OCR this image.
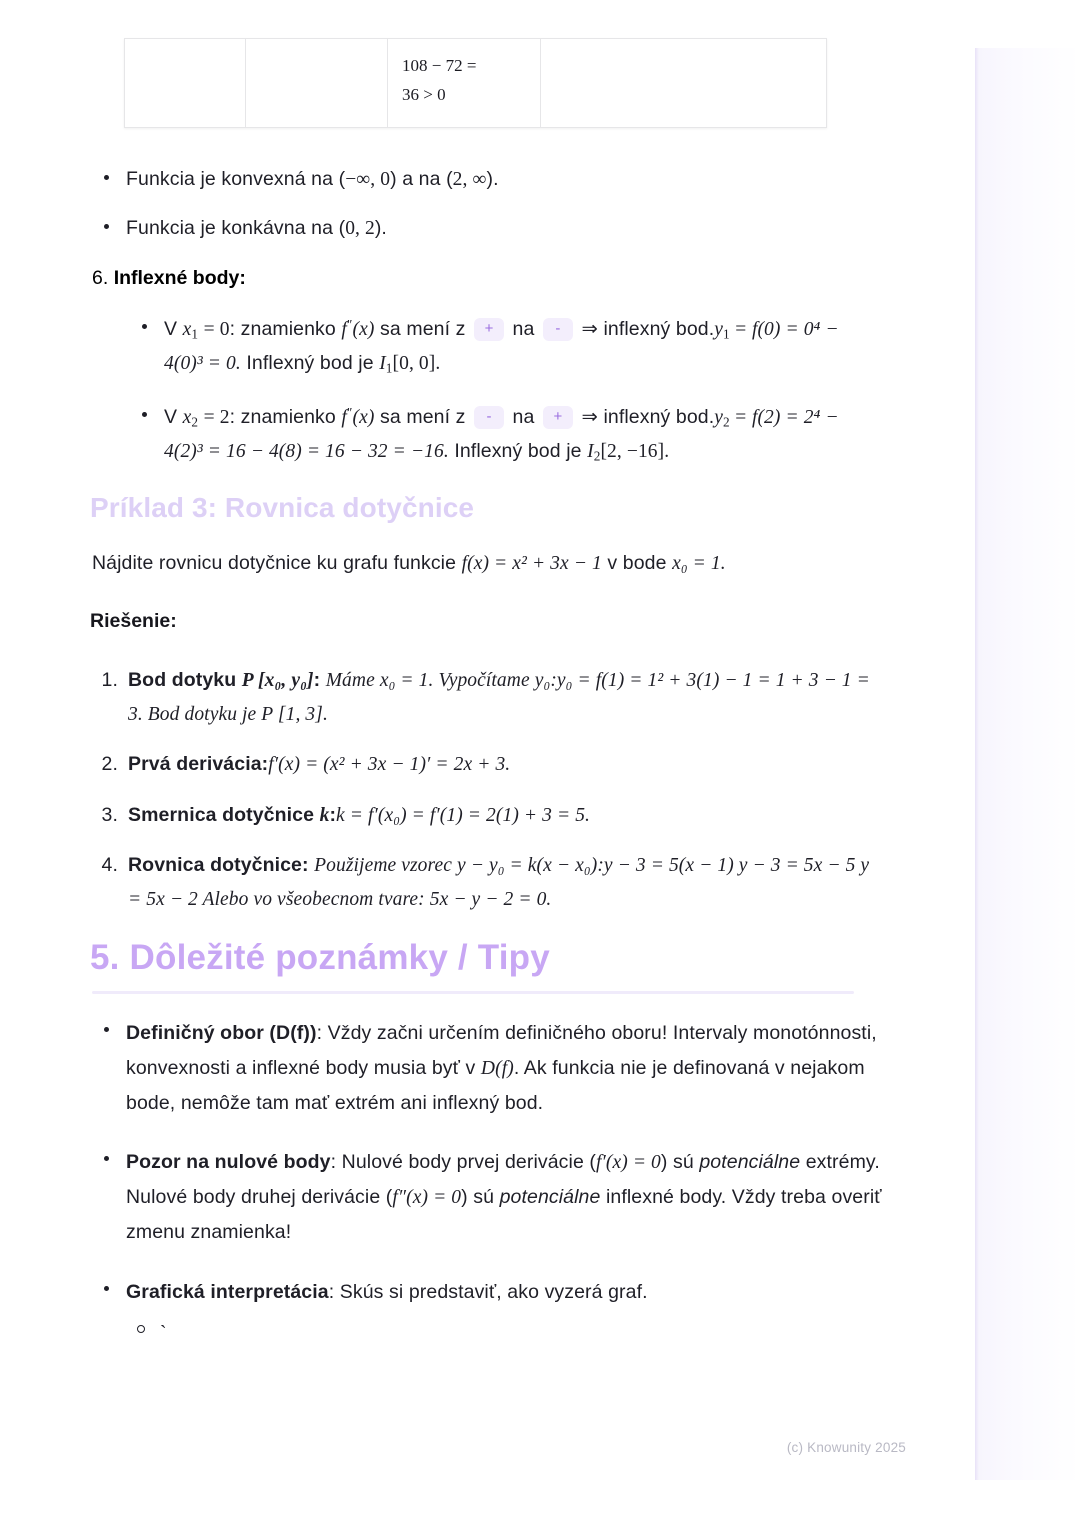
108 − 72 =
36 > 0

Funkcia je konvexná na (−∞, 0) a na (2, ∞).
Funkcia je konkávna na (0, 2).
6. Inflexné body:
V $x_1 = 0$: znamienko f″(x) sa mení z + na - ⇒ inflexný $bod.y_1 = f(0) = 0^4 - 4(0)^3 = 0$. Inflexný bod je $I_1[0$, 0].
V $x_2 = 2$: znamienko f″(x) sa mení z - na + ⇒ inflexný $bod.y_2 = f(2) = 2^4 - 4(2)^3 = 16 - 4(8) = 16 - 32 = -16$. Inflexný bod je $I_2[2$, −16].
Príklad 3: Rovnica dotyčnice
Nájdite rovnicu dotyčnice ku grafu funkcie f(x) = x² + 3x − 1 v bode x₀ = 1.
Riešenie:
1. Bod dotyku P [x₀, y₀]: Máme x₀ = 1. Vypočítame y₀:y₀ = f(1) = 1² + 3(1) − 1 = 1 + 3 − 1 = 3. Bod dotyku je P [1, 3].
2. Prvá derivácia:f′(x) = (x² + 3x − 1)′ = 2x + 3.
3. Smernica dotyčnice k:k = f′(x₀) = f′(1) = 2(1) + 3 = 5.
4. Rovnica dotyčnice: Použijeme vzorec y − y₀ = k(x − x₀):y − 3 = 5(x − 1) y − 3 = 5x − 5 y = 5x − 2 Alebo vo všeobecnom tvare: 5x − y − 2 = 0.
5. Dôležité poznámky / Tipy
Definičný obor (D(f)): Vždy začni určením definičného oboru! Intervaly monotónnosti, konvexnosti a inflexné body musia byť v D(f). Ak funkcia nie je definovaná v nejakom bode, nemôže tam mať extrém ani inflexný bod.
Pozor na nulové body: Nulové body prvej derivácie (f′(x) = 0) sú potenciálne extrémy. Nulové body druhej derivácie (f″(x) = 0) sú potenciálne inflexné body. Vždy treba overiť zmenu znamienka!
Grafická interpretácia: Skús si predstaviť, ako vyzerá graf.
`
(c) Knowunity 2025
